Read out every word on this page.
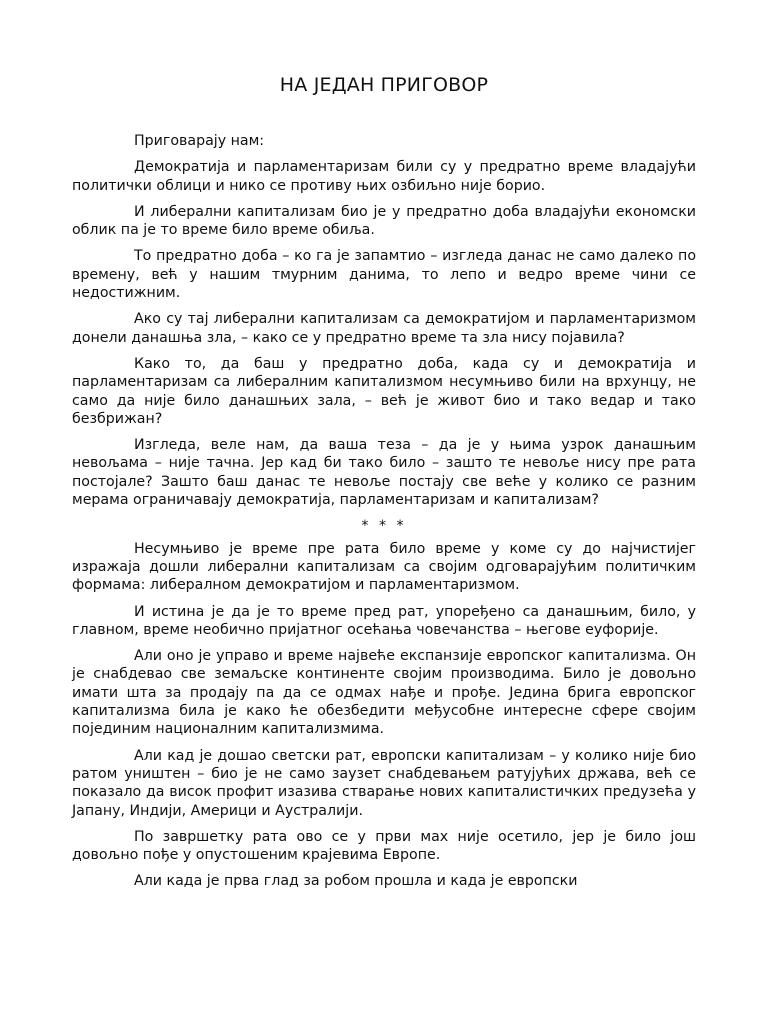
НА ЈЕДАН ПРИГОВОР

Приговарају нам:

Демократија и парламентаризам били су у предратно време владајући политички облици и нико се противу њих озбиљно није борио.

И либерални капитализам био је у предратно доба владајући економски облик па је то време било време обиља.

То предратно доба – ко га је запамтио – изгледа данас не само далеко по времену, већ у нашим тмурним данима, то лепо и ведро време чини се недостижним.

Ако су тај либерални капитализам са демократијом и парламентаризмом донели данашња зла, – како се у предратно време та зла нису појавила?

Како то, да баш у предратно доба, када су и демократија и парламентаризам са либералним капитализмом несумњиво били на врхунцу, не само да није било данашњих зала, – већ је живот био и тако ведар и тако безбрижан?

Изгледа, веле нам, да ваша теза – да је у њима узрок данашњим невољама – није тачна. Јер кад би тако било – зашто те невоље нису пре рата постојале? Зашто баш данас те невоље постају све веће у колико се разним мерама ограничавају демократија, парламентаризам и капитализам?

* * *

Несумњиво је време пре рата било време у коме су до најчистијег изражаја дошли либерални капитализам са својим одговарајућим политичким формама: либералном демократијом и парламентаризмом.

И истина је да је то време пред рат, упоређено са данашњим, било, у главном, време необично пријатног осећања човечанства – његове еуфорије.

Али оно је управо и време највеће експанзије европског капитализма. Он је снабдевао све земаљске континенте својим производима. Било је довољно имати шта за продају па да се одмах нађе и прође. Једина брига европског капитализма била је како ће обезбедити међусобне интересне сфере својим појединим националним капитализмима.

Али кад је дошао светски рат, европски капитализам – у колико није био ратом уништен – био је не само заузет снабдевањем ратујућих држава, већ се показало да висок профит изазива стварање нових капиталистичких предузећа у Јапану, Индији, Америци и Аустралији.

По завршетку рата ово се у први мах није осетило, јер је било још довољно пође у опустошеним крајевима Европе.

Али када је прва глад за робом прошла и када је европски
